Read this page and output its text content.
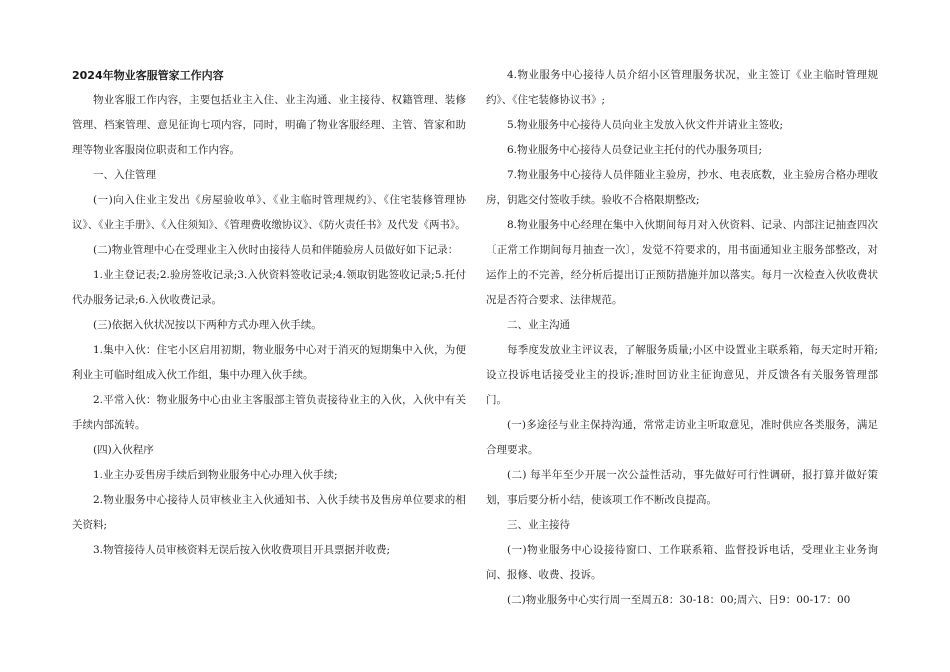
2024年物业客服管家工作内容

物业客服工作内容，主要包括业主入住、业主沟通、业主接待、权籍管理、装修管理、档案管理、意见征询七项内容，同时，明确了物业客服经理、主管、管家和助理等物业客服岗位职责和工作内容。

一、入住管理

(一)向入住业主发出《房屋验收单》、《业主临时管理规约》、《住宅装修管理协议》、《业主手册》、《入住须知》、《管理费收缴协议》、《防火责任书》及代发《两书》。

(二)物业管理中心在受理业主入伙时由接待人员和伴随验房人员做好如下记录：

1.业主登记表;2.验房签收记录;3.入伙资料签收记录;4.领取钥匙签收记录;5.托付代办服务记录;6.入伙收费记录。

(三)依据入伙状况按以下两种方式办理入伙手续。

1.集中入伙：住宅小区启用初期，物业服务中心对于消灭的短期集中入伙，为便利业主可临时组成入伙工作组，集中办理入伙手续。

2.平常入伙：物业服务中心由业主客服部主管负责接待业主的入伙，入伙中有关手续内部流转。

(四)入伙程序

1.业主办妥售房手续后到物业服务中心办理入伙手续;

2.物业服务中心接待人员审核业主入伙通知书、入伙手续书及售房单位要求的相关资料;

3.物管接待人员审核资料无误后按入伙收费项目开具票据并收费;

4.物业服务中心接待人员介绍小区管理服务状况，业主签订《业主临时管理规约》、《住宅装修协议书》;

5.物业服务中心接待人员向业主发放入伙文件并请业主签收;

6.物业服务中心接待人员登记业主托付的代办服务项目;

7.物业服务中心接待人员伴随业主验房，抄水、电表底数，业主验房合格办理收房，钥匙交付签收手续。验收不合格限期整改;

8.物业服务中心经理在集中入伙期间每月对入伙资料、记录、内部注记抽查四次〔正常工作期间每月抽查一次〕，发觉不符要求的，用书面通知业主服务部整改，对运作上的不完善，经分析后提出订正预防措施并加以落实。每月一次检查入伙收费状况是否符合要求、法律规范。

二、业主沟通

每季度发放业主评议表，了解服务质量;小区中设置业主联系箱，每天定时开箱;设立投诉电话接受业主的投诉;准时回访业主征询意见，并反馈各有关服务管理部门。

(一)多途径与业主保持沟通，常常走访业主听取意见，准时供应各类服务，满足合理要求。

(二) 每半年至少开展一次公益性活动，事先做好可行性调研，报打算并做好策划，事后要分析小结，使该项工作不断改良提高。

三、业主接待

(一)物业服务中心设接待窗口、工作联系箱、监督投诉电话，受理业主业务询问、报修、收费、投诉。

(二)物业服务中心实行周一至周五8：30-18：00;周六、日9：00-17：00
